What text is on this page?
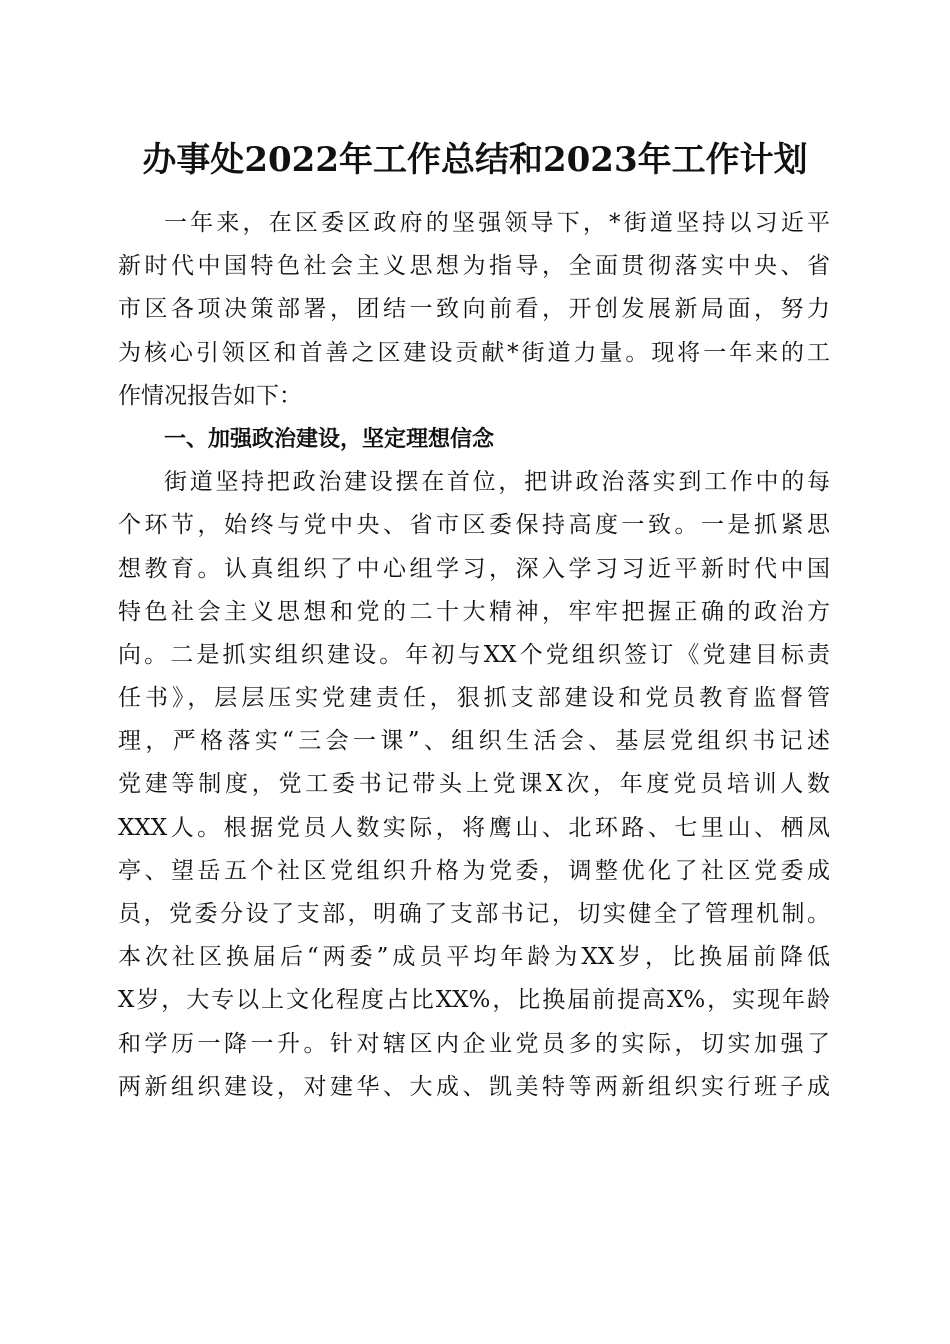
办事处2022年工作总结和2023年工作计划
一年来，在区委区政府的坚强领导下，*街道坚持以习近平
新时代中国特色社会主义思想为指导，全面贯彻落实中央、省
市区各项决策部署，团结一致向前看，开创发展新局面，努力
为核心引领区和首善之区建设贡献*街道力量。现将一年来的工
作情况报告如下：
一、加强政治建设，坚定理想信念
街道坚持把政治建设摆在首位，把讲政治落实到工作中的每
个环节，始终与党中央、省市区委保持高度一致。一是抓紧思
想教育。认真组织了中心组学习，深入学习习近平新时代中国
特色社会主义思想和党的二十大精神，牢牢把握正确的政治方
向。二是抓实组织建设。年初与XX个党组织签订《党建目标责
任书》，层层压实党建责任，狠抓支部建设和党员教育监督管
理，严格落实“三会一课”、组织生活会、基层党组织书记述
党建等制度，党工委书记带头上党课X次，年度党员培训人数
XXX人。根据党员人数实际，将鹰山、北环路、七里山、栖凤
亭、望岳五个社区党组织升格为党委，调整优化了社区党委成
员，党委分设了支部，明确了支部书记，切实健全了管理机制。
本次社区换届后“两委”成员平均年龄为XX岁，比换届前降低
X岁，大专以上文化程度占比XX%，比换届前提高X%，实现年龄
和学历一降一升。针对辖区内企业党员多的实际，切实加强了
两新组织建设，对建华、大成、凯美特等两新组织实行班子成
